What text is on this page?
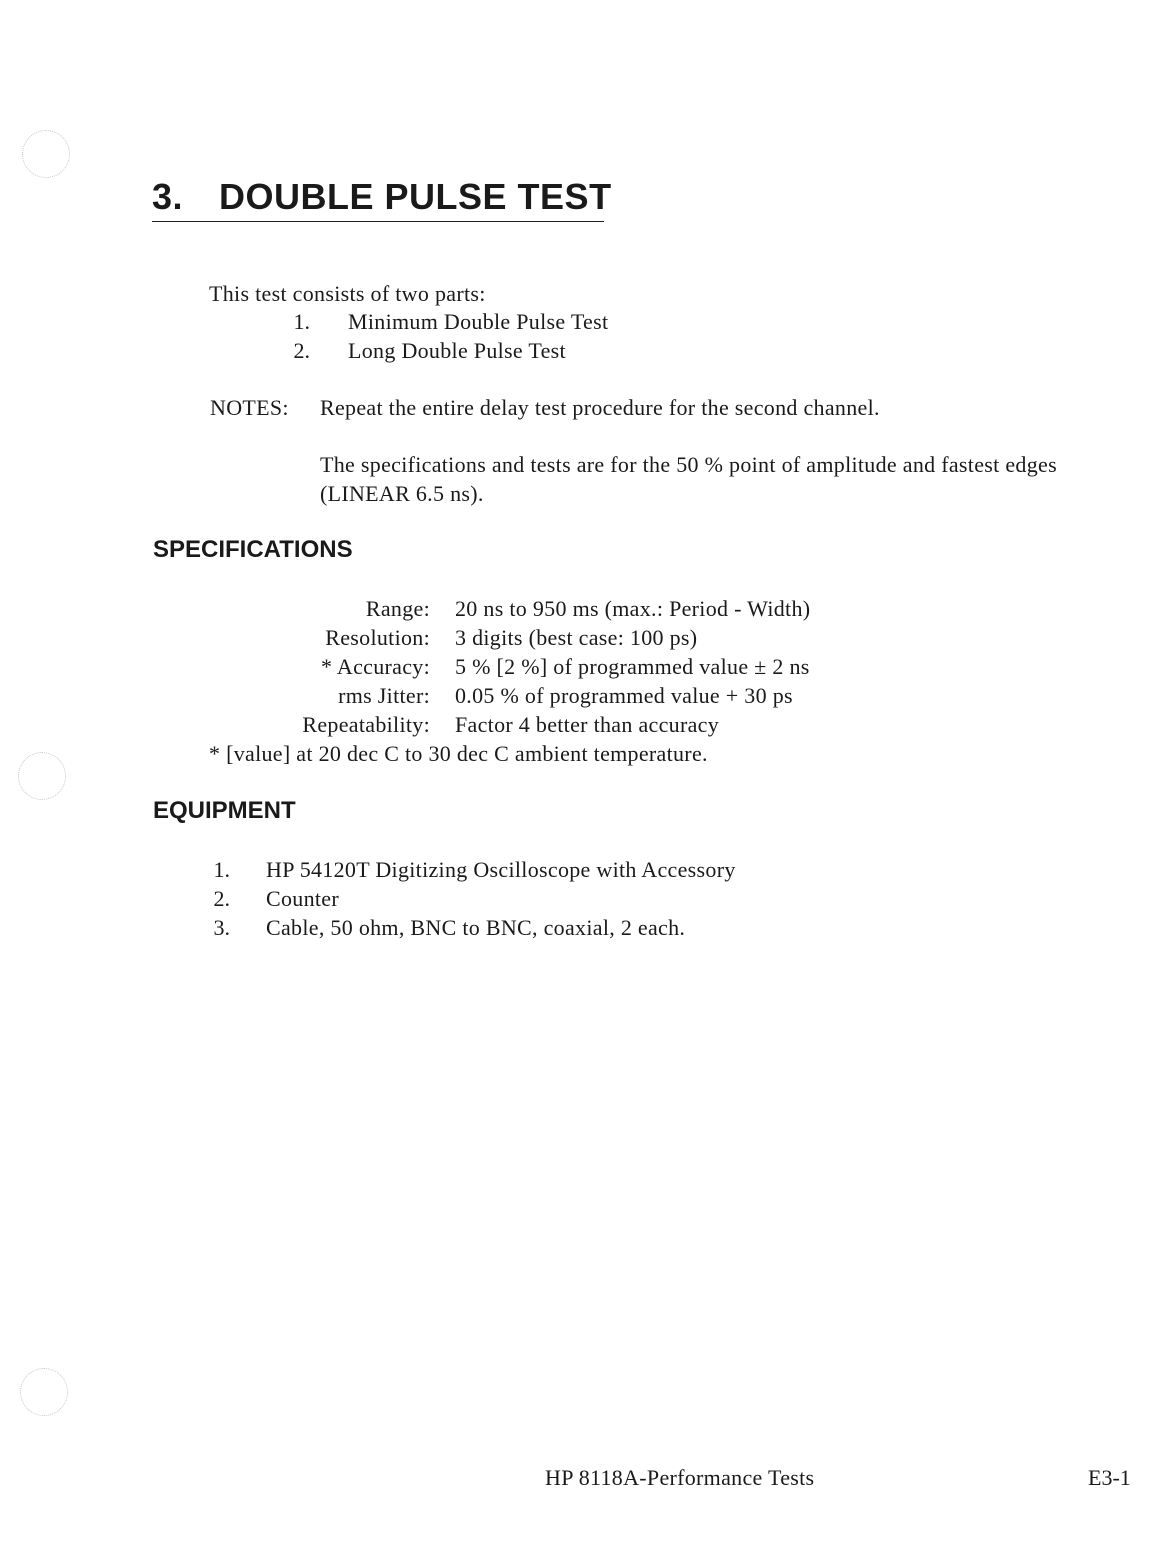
3. DOUBLE PULSE TEST
This test consists of two parts:
1. Minimum Double Pulse Test
2. Long Double Pulse Test
NOTES: Repeat the entire delay test procedure for the second channel.
The specifications and tests are for the 50 % point of amplitude and fastest edges
(LINEAR 6.5 ns).
SPECIFICATIONS
Range: 20 ns to 950 ms (max.: Period - Width)
Resolution: 3 digits (best case: 100 ps)
* Accuracy: 5 % [2 %] of programmed value ± 2 ns
rms Jitter: 0.05 % of programmed value + 30 ps
Repeatability: Factor 4 better than accuracy
* [value] at 20 dec C to 30 dec C ambient temperature.
EQUIPMENT
1. HP 54120T Digitizing Oscilloscope with Accessory
2. Counter
3. Cable, 50 ohm, BNC to BNC, coaxial, 2 each.
HP 8118A-Performance Tests	E3-1
